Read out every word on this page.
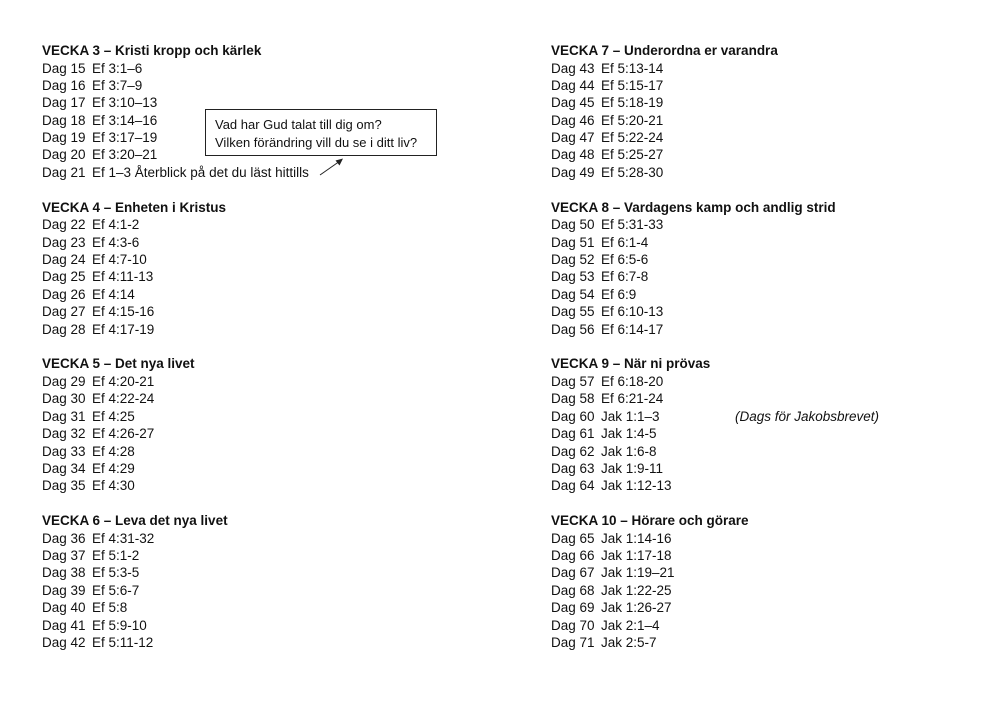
VECKA 3 – Kristi kropp och kärlek
Dag 15 Ef 3:1–6
Dag 16 Ef 3:7–9
Dag 17 Ef 3:10–13
Dag 18 Ef 3:14–16
Dag 19 Ef 3:17–19
Dag 20 Ef 3:20–21
Dag 21 Ef 1–3 Återblick på det du läst hittills
VECKA 4 – Enheten i Kristus
Dag 22 Ef 4:1-2
Dag 23 Ef 4:3-6
Dag 24 Ef 4:7-10
Dag 25 Ef 4:11-13
Dag 26 Ef 4:14
Dag 27 Ef 4:15-16
Dag 28 Ef 4:17-19
VECKA 5 – Det nya livet
Dag 29 Ef 4:20-21
Dag 30 Ef 4:22-24
Dag 31 Ef 4:25
Dag 32 Ef 4:26-27
Dag 33 Ef 4:28
Dag 34 Ef 4:29
Dag 35 Ef 4:30
VECKA 6 – Leva det nya livet
Dag 36 Ef 4:31-32
Dag 37 Ef 5:1-2
Dag 38 Ef 5:3-5
Dag 39 Ef 5:6-7
Dag 40 Ef 5:8
Dag 41 Ef 5:9-10
Dag 42 Ef 5:11-12
VECKA 7 – Underordna er varandra
Dag 43 Ef 5:13-14
Dag 44 Ef 5:15-17
Dag 45 Ef 5:18-19
Dag 46 Ef 5:20-21
Dag 47 Ef 5:22-24
Dag 48 Ef 5:25-27
Dag 49 Ef 5:28-30
VECKA 8 – Vardagens kamp och andlig strid
Dag 50 Ef 5:31-33
Dag 51 Ef 6:1-4
Dag 52 Ef 6:5-6
Dag 53 Ef 6:7-8
Dag 54 Ef 6:9
Dag 55 Ef 6:10-13
Dag 56 Ef 6:14-17
VECKA 9 – När ni prövas
Dag 57 Ef 6:18-20
Dag 58 Ef 6:21-24
Dag 60 Jak 1:1–3	(Dags för Jakobsbrevet)
Dag 61 Jak 1:4-5
Dag 62 Jak 1:6-8
Dag 63 Jak 1:9-11
Dag 64 Jak 1:12-13
VECKA 10 – Hörare och görare
Dag 65 Jak 1:14-16
Dag 66 Jak 1:17-18
Dag 67 Jak 1:19–21
Dag 68 Jak 1:22-25
Dag 69 Jak 1:26-27
Dag 70 Jak 2:1–4
Dag 71 Jak 2:5-7
Vad har Gud talat till dig om?
Vilken förändring vill du se i ditt liv?
